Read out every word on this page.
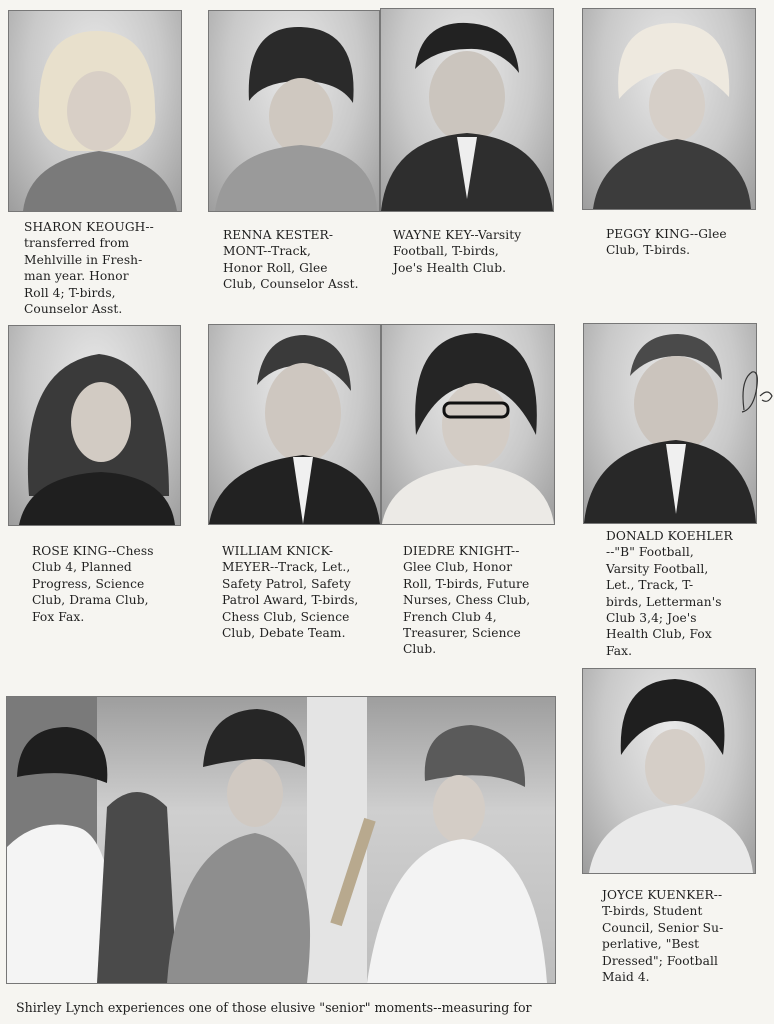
SHARON KEOUGH--
transferred from
Mehlville in Fresh-
man year. Honor
Roll 4; T-birds,
Counselor Asst.
RENNA KESTER-
MONT--Track,
Honor Roll, Glee
Club, Counselor Asst.
WAYNE KEY--Varsity
Football, T-birds,
Joe's Health Club.
PEGGY KING--Glee
Club, T-birds.
ROSE KING--Chess
Club 4, Planned
Progress, Science
Club, Drama Club,
Fox Fax.
WILLIAM KNICK-
MEYER--Track, Let.,
Safety Patrol, Safety
Patrol Award, T-birds,
Chess Club, Science
Club, Debate Team.
DIEDRE KNIGHT--
Glee Club, Honor
Roll, T-birds, Future
Nurses, Chess Club,
French Club 4,
Treasurer, Science
Club.
DONALD KOEHLER
--"B" Football,
Varsity Football,
Let., Track, T-
birds, Letterman's
Club 3,4; Joe's
Health Club, Fox
Fax.
JOYCE KUENKER--
T-birds, Student
Council, Senior Su-
perlative, "Best
Dressed"; Football
Maid 4.
Shirley Lynch experiences one of those elusive "senior" moments--measuring for
